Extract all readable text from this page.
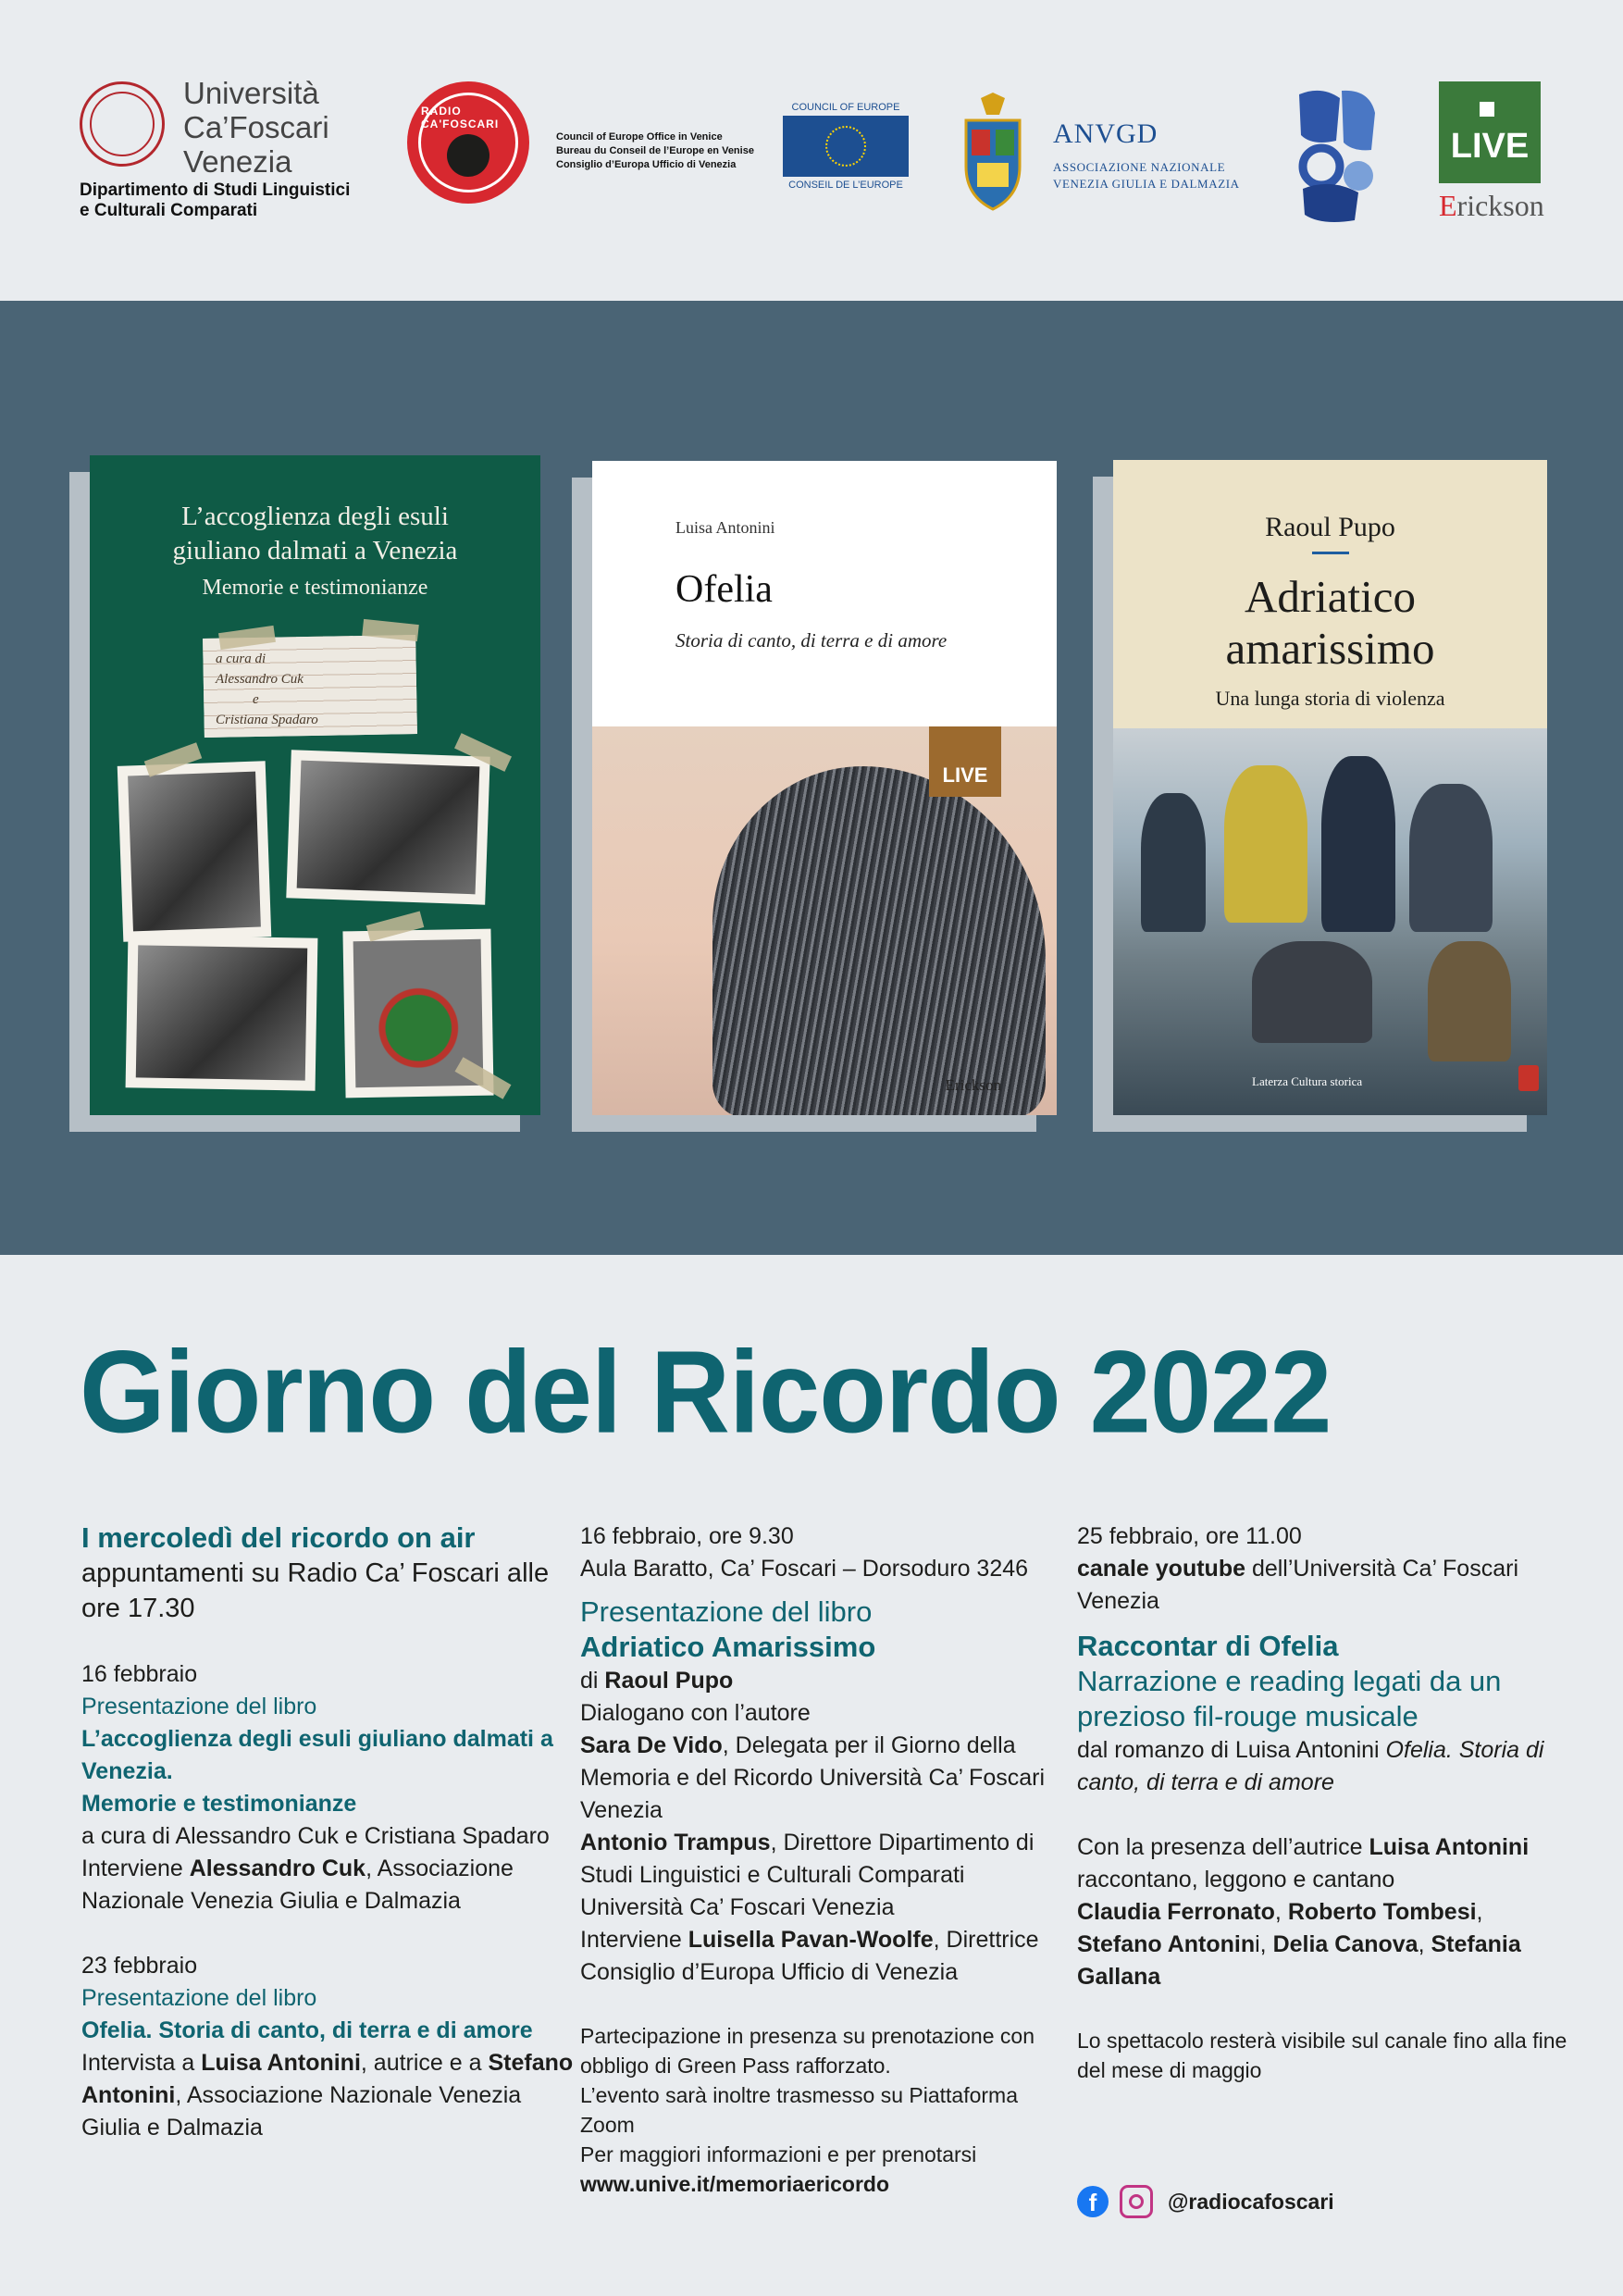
Università
Ca’Foscari
Venezia
Dipartimento di Studi Linguistici
e Culturali Comparati
RADIO CA'FOSCARI
Council of Europe Office in Venice
Bureau du Conseil de l’Europe en Venise
Consiglio d’Europa Ufficio di Venezia
COUNCIL OF EUROPE
CONSEIL DE L’EUROPE
ANVGD
ASSOCIAZIONE NAZIONALE
VENEZIA GIULIA E DALMAZIA
LIVE
Erickson
L’accoglienza degli esuli
giuliano dalmati a Venezia
Memorie e testimonianze
a cura di
Alessandro Cuk
e
Cristiana Spadaro
Luisa Antonini
Ofelia
Storia di canto, di terra e di amore
LIVE
Erickson
Raoul Pupo
Adriatico
amarissimo
Una lunga storia di violenza
Laterza Cultura storica
Giorno del Ricordo 2022

I mercoledì del ricordo on air

appuntamenti su Radio Ca’ Foscari alle ore 17.30

16 febbraio

Presentazione del libro

L’accoglienza degli esuli giuliano dalmati a Venezia.

Memorie e testimonianze

a cura di Alessandro Cuk e Cristiana Spadaro

Interviene Alessandro Cuk, Associazione Nazionale Venezia Giulia e Dalmazia

23 febbraio

Presentazione del libro

Ofelia. Storia di canto, di terra e di amore

Intervista a Luisa Antonini, autrice e a Stefano Antonini, Associazione Nazionale Venezia Giulia e Dalmazia

16 febbraio, ore 9.30

Aula Baratto, Ca’ Foscari – Dorsoduro 3246

Presentazione del libro

Adriatico Amarissimo

di Raoul Pupo

Dialogano con l’autore

Sara De Vido, Delegata per il Giorno della Memoria e del Ricordo Università Ca’ Foscari Venezia

Antonio Trampus, Direttore Dipartimento di Studi Linguistici e Culturali Comparati Università Ca’ Foscari Venezia

Interviene Luisella Pavan-Woolfe, Direttrice Consiglio d’Europa Ufficio di Venezia

Partecipazione in presenza su prenotazione con obbligo di Green Pass rafforzato.

L’evento sarà inoltre trasmesso su Piattaforma Zoom

Per maggiori informazioni e per prenotarsi

www.unive.it/memoriaericordo

25 febbraio, ore 11.00

canale youtube dell’Università Ca’ Foscari Venezia

Raccontar di Ofelia

Narrazione e reading legati da un prezioso fil-rouge musicale

dal romanzo di Luisa Antonini Ofelia. Storia di canto, di terra e di amore

Con la presenza dell’autrice Luisa Antonini raccontano, leggono e cantano

Claudia Ferronato, Roberto Tombesi,
Stefano Antonini, Delia Canova, Stefania Gallana

Lo spettacolo resterà visibile sul canale fino alla fine del mese di maggio

f	@radiocafoscari
